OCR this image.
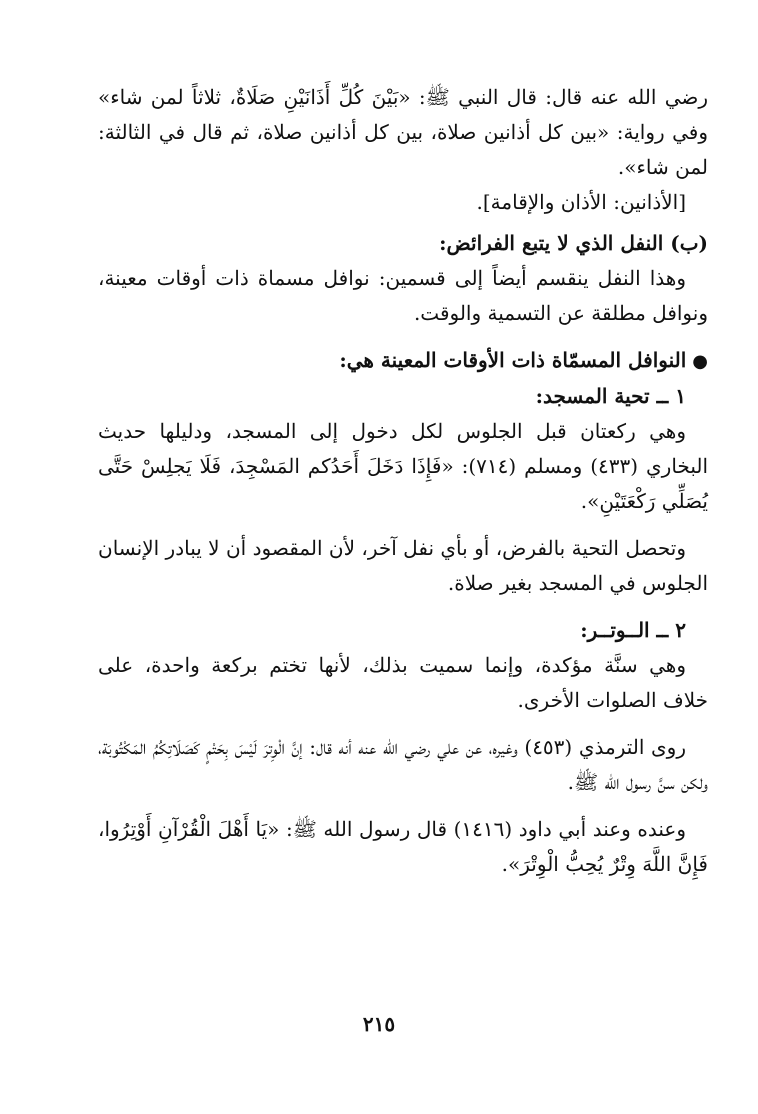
رضي الله عنه قال: قال النبي ﷺ: «بَيْنَ كُلِّ أَذَانَيْنِ صَلَاةٌ، ثلاثاً لمن شاء» وفي رواية: «بين كل أذانين صلاة، بين كل أذانين صلاة، ثم قال في الثالثة: لمن شاء».

[الأذانين: الأذان والإقامة].

(ب) النفل الذي لا يتبع الفرائض:

وهذا النفل ينقسم أيضاً إلى قسمين: نوافل مسماة ذات أوقات معينة، ونوافل مطلقة عن التسمية والوقت.

●النوافل المسمّاة ذات الأوقات المعينة هي:

١ ــ تحية المسجد:

وهي ركعتان قبل الجلوس لكل دخول إلى المسجد، ودليلها حديث البخاري (٤٣٣) ومسلم (٧١٤): «فَإِذَا دَخَلَ أَحَدُكم المَسْجِدَ، فَلَا يَجلِسْ حَتَّى يُصَلِّي رَكْعَتَيْنِ».

وتحصل التحية بالفرض، أو بأي نفل آخر، لأن المقصود أن لا يبادر الإنسان الجلوس في المسجد بغير صلاة.

٢ ــ الــوتــر:

وهي سنَّة مؤكدة، وإنما سميت بذلك، لأنها تختم بركعة واحدة، على خلاف الصلوات الأخرى.

روى الترمذي (٤٥٣) وغيره، عن علي رضي الله عنه أنه قال: إنَّ الْوِترَ لَيْسَ بِحَتْمٍ كَصَلَاتِكُمُ المَكْتُوبَة، ولكن سنَّ رسول الله ﷺ.

وعنده وعند أبي داود (١٤١٦) قال رسول الله ﷺ: «يَا أَهْلَ الْقُرْآنِ أَوْتِرُوا، فَإِنَّ اللَّهَ وِتْرٌ يُحِبُّ الْوِتْرَ».

٢١٥
